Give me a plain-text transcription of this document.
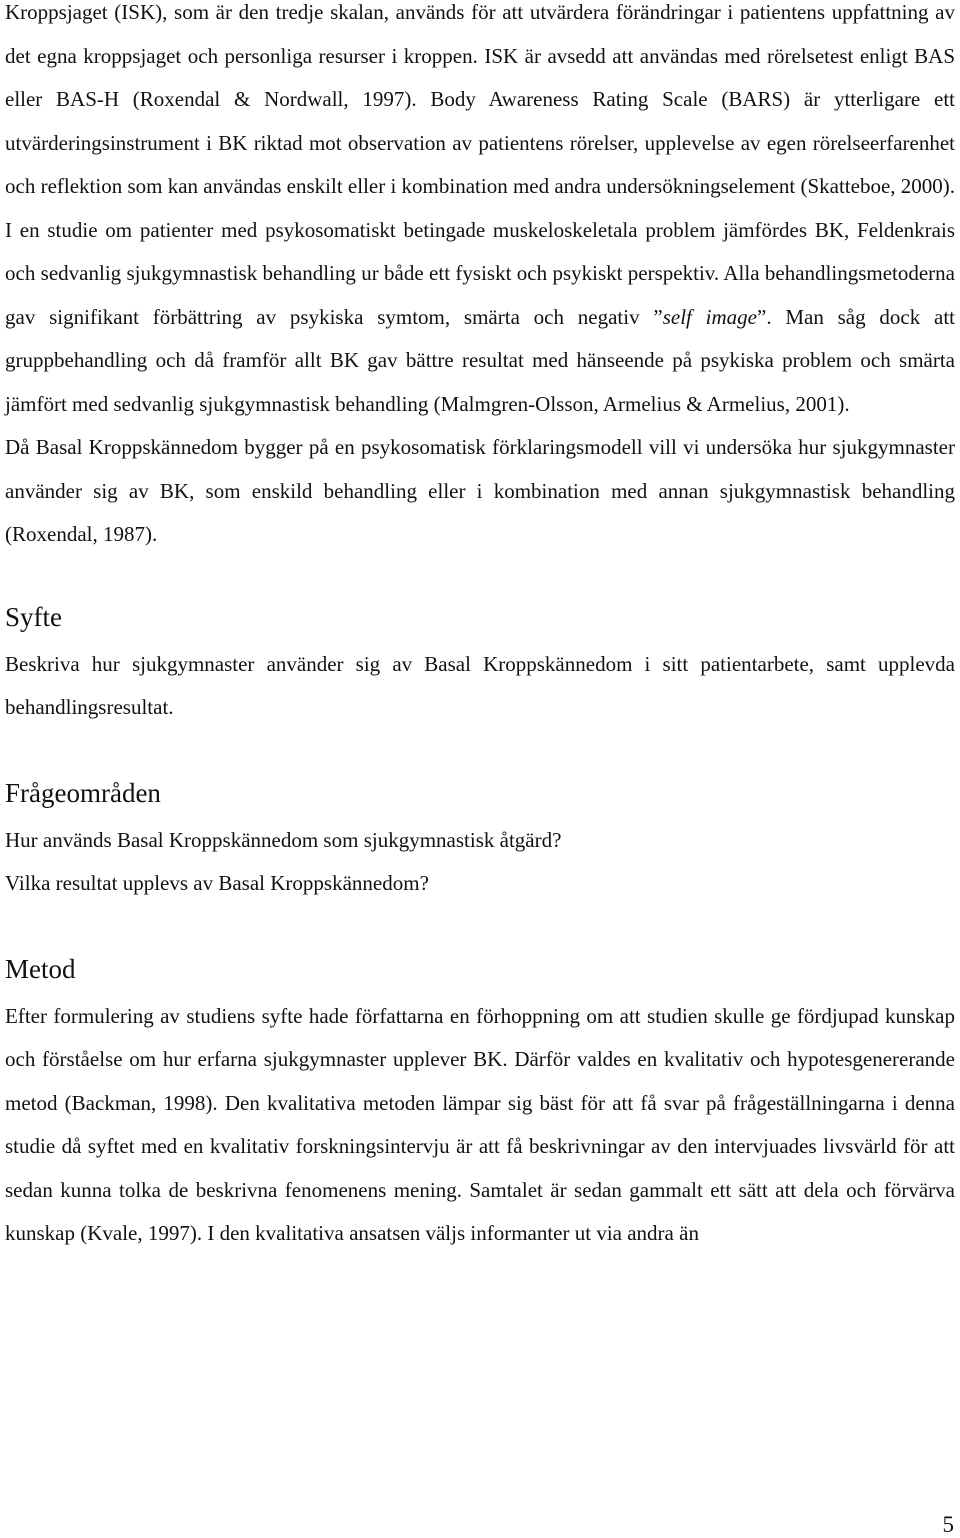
Kroppsjaget (ISK), som är den tredje skalan, används för att utvärdera förändringar i patientens uppfattning av det egna kroppsjaget och personliga resurser i kroppen. ISK är avsedd att användas med rörelsetest enligt BAS eller BAS-H (Roxendal & Nordwall, 1997). Body Awareness Rating Scale (BARS) är ytterligare ett utvärderingsinstrument i BK riktad mot observation av patientens rörelser, upplevelse av egen rörelseerfarenhet och reflektion som kan användas enskilt eller i kombination med andra undersökningselement (Skatteboe, 2000).

I en studie om patienter med psykosomatiskt betingade muskeloskeletala problem jämfördes BK, Feldenkrais och sedvanlig sjukgymnastisk behandling ur både ett fysiskt och psykiskt perspektiv. Alla behandlingsmetoderna gav signifikant förbättring av psykiska symtom, smärta och negativ ”self image”. Man såg dock att gruppbehandling och då framför allt BK gav bättre resultat med hänseende på psykiska problem och smärta jämfört med sedvanlig sjukgymnastisk behandling (Malmgren-Olsson, Armelius & Armelius, 2001).

Då Basal Kroppskännedom bygger på en psykosomatisk förklaringsmodell vill vi undersöka hur sjukgymnaster använder sig av BK, som enskild behandling eller i kombination med annan sjukgymnastisk behandling (Roxendal, 1987).

Syfte

Beskriva hur sjukgymnaster använder sig av Basal Kroppskännedom i sitt patientarbete, samt upplevda behandlingsresultat.

Frågeområden

Hur används Basal Kroppskännedom som sjukgymnastisk åtgärd?

Vilka resultat upplevs av Basal Kroppskännedom?

Metod

Efter formulering av studiens syfte hade författarna en förhoppning om att studien skulle ge fördjupad kunskap och förståelse om hur erfarna sjukgymnaster upplever BK. Därför valdes en kvalitativ och hypotesgenererande metod (Backman, 1998). Den kvalitativa metoden lämpar sig bäst för att få svar på frågeställningarna i denna studie då syftet med en kvalitativ forskningsintervju är att få beskrivningar av den intervjuades livsvärld för att sedan kunna tolka de beskrivna fenomenens mening. Samtalet är sedan gammalt ett sätt att dela och förvärva kunskap (Kvale, 1997). I den kvalitativa ansatsen väljs informanter ut via andra än

5
